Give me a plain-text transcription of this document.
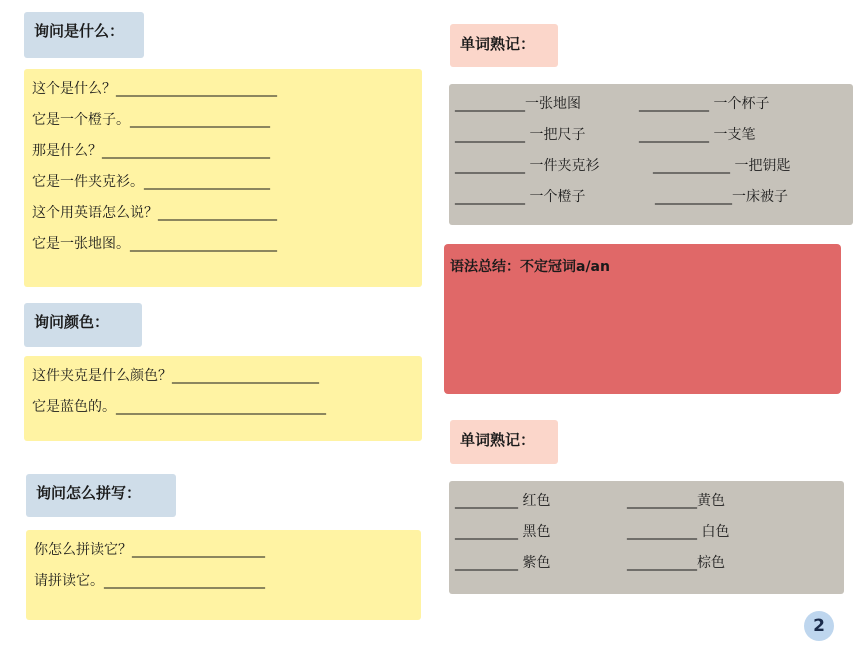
询问是什么：
这个是什么？_______________________
它是一个橙子。____________________
那是什么？________________________
它是一件夹克衫。__________________
这个用英语怎么说？_________________
它是一张地图。_____________________
询问颜色：
这件夹克是什么颜色？_____________________
它是蓝色的。______________________________
询问怎么拼写：
你怎么拼读它？___________________
请拼读它。_______________________
单词熟记：
__________一张地图	__________ 一个杯子
__________ 一把尺子	__________ 一支笔
__________ 一件夹克衫	___________ 一把钥匙
__________ 一个橙子	___________一床被子
语法总结：不定冠词a/an
单词熟记：
_________ 红色	__________黄色
_________ 黑色	__________ 白色
_________ 紫色	__________棕色
2
